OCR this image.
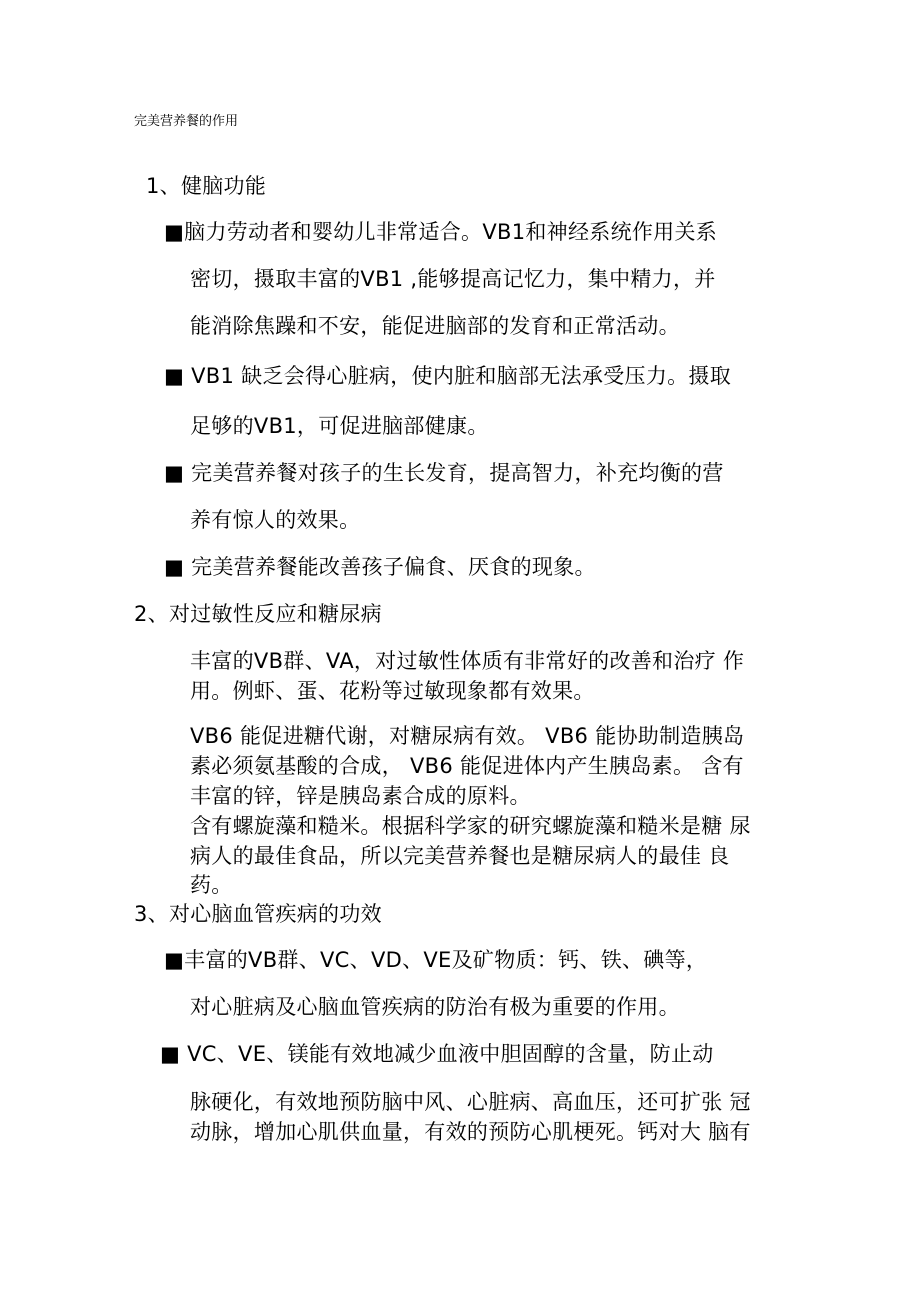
完美营养餐的作用
1、健脑功能
■脑力劳动者和婴幼儿非常适合。VB1和神经系统作用关系
密切，摄取丰富的VB1 ,能够提高记忆力，集中精力，并
能消除焦躁和不安，能促进脑部的发育和正常活动。
■ VB1 缺乏会得心脏病，使内脏和脑部无法承受压力。摄取
足够的VB1，可促进脑部健康。
■ 完美营养餐对孩子的生长发育，提高智力，补充均衡的营
养有惊人的效果。
■ 完美营养餐能改善孩子偏食、厌食的现象。
2、对过敏性反应和糖尿病
丰富的VB群、VA，对过敏性体质有非常好的改善和治疗 作
用。例虾、蛋、花粉等过敏现象都有效果。
VB6 能促进糖代谢，对糖尿病有效。 VB6 能协助制造胰岛
素必须氨基酸的合成， VB6 能促进体内产生胰岛素。 含有
丰富的锌，锌是胰岛素合成的原料。
含有螺旋藻和糙米。根据科学家的研究螺旋藻和糙米是糖 尿
病人的最佳食品，所以完美营养餐也是糖尿病人的最佳 良
药。
3、对心脑血管疾病的功效
■丰富的VB群、VC、VD、VE及矿物质：钙、铁、碘等，
对心脏病及心脑血管疾病的防治有极为重要的作用。
■ VC、VE、镁能有效地减少血液中胆固醇的含量，防止动
脉硬化，有效地预防脑中风、心脏病、高血压，还可扩张 冠
动脉，增加心肌供血量，有效的预防心肌梗死。钙对大 脑有
